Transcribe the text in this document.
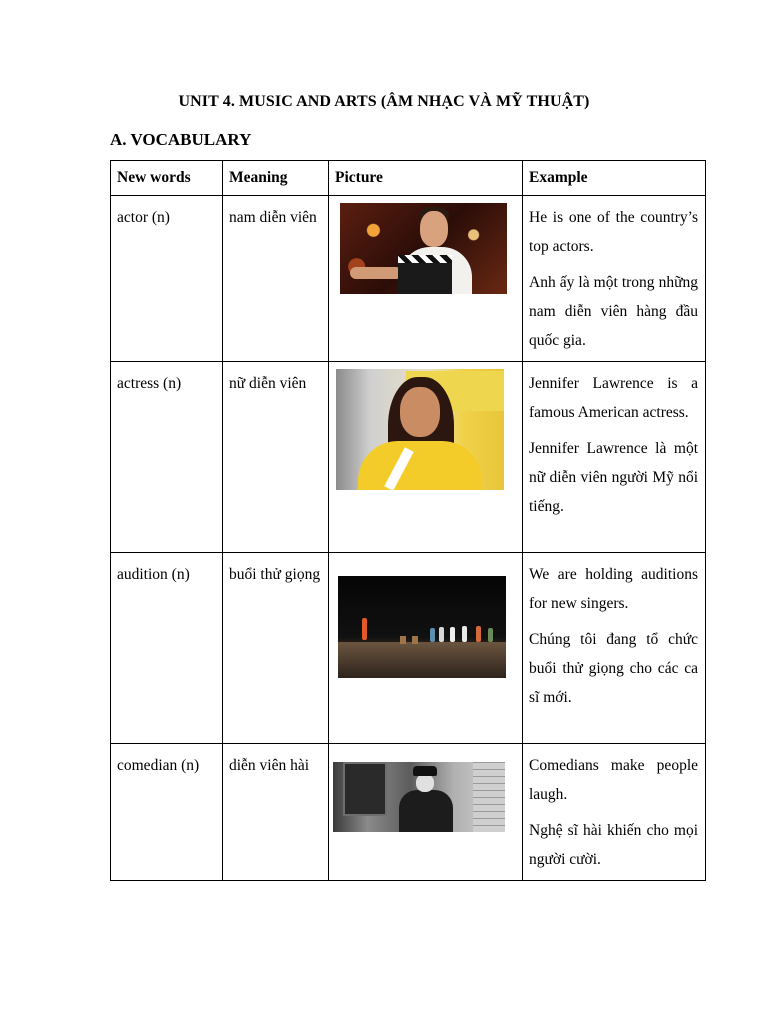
UNIT 4. MUSIC AND ARTS (ÂM NHẠC VÀ MỸ THUẬT)
A. VOCABULARY
New words	Meaning	Picture	Example
actor (n)	nam diễn viên		He is one of the country’s top actors.

Anh ấy là một trong những nam diễn viên hàng đầu quốc gia.

actress (n)	nữ diễn viên		Jennifer Lawrence is a famous American actress.

Jennifer Lawrence là một nữ diễn viên người Mỹ nổi tiếng.

audition (n)	buổi thử giọng		We are holding auditions for new singers.

Chúng tôi đang tổ chức buổi thử giọng cho các ca sĩ mới.

comedian (n)	diễn viên hài		Comedians make people laugh.

Nghệ sĩ hài khiến cho mọi người cười.
